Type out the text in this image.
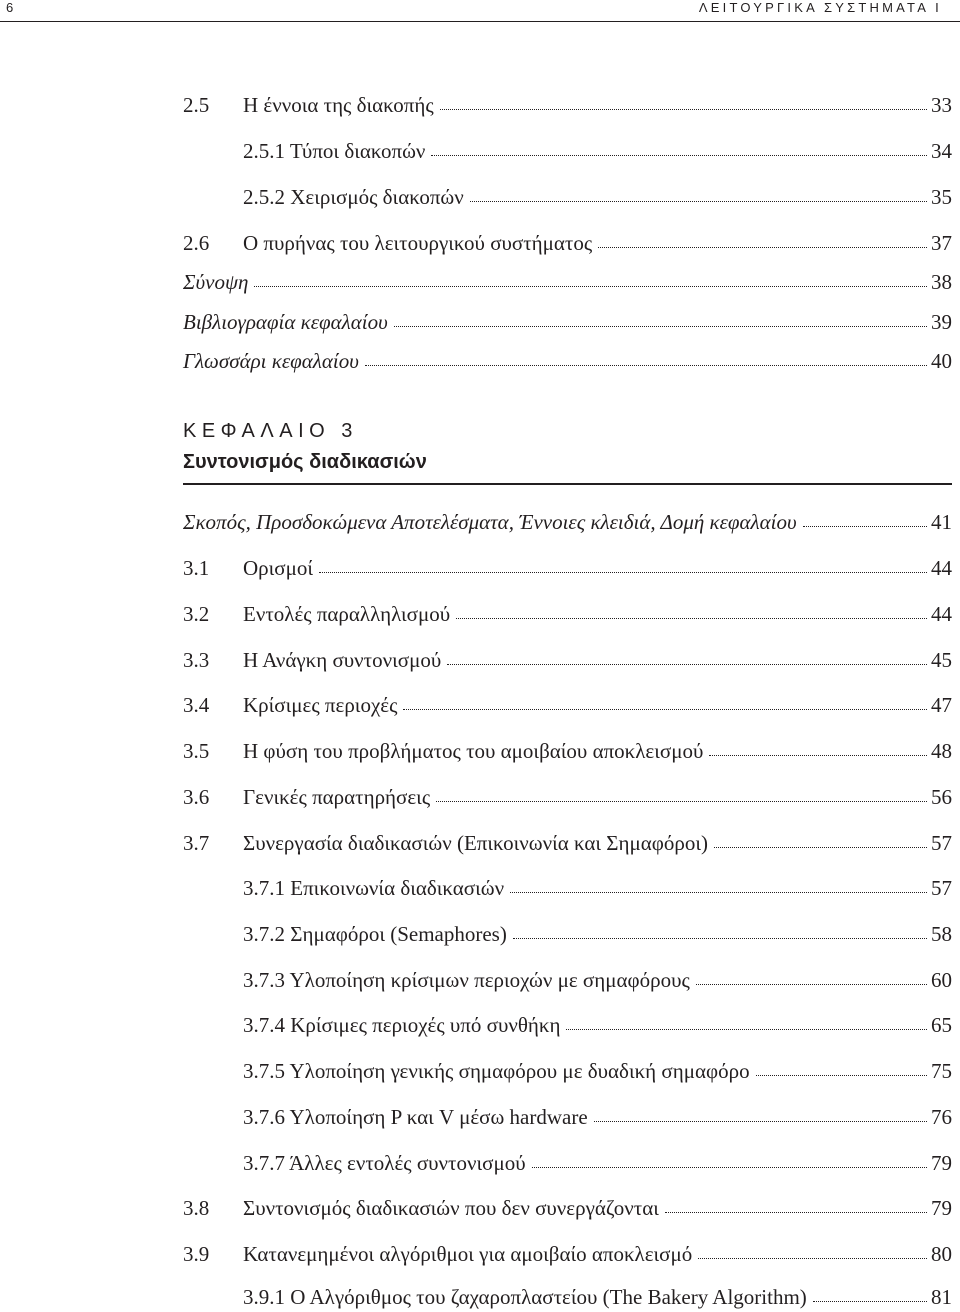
6	ΛΕΙΤΟΥΡΓΙΚΑ ΣΥΣΤΗΜΑΤΑ Ι
2.5 Η έννοια της διακοπής	33
2.5.1 Τύποι διακοπών	34
2.5.2 Χειρισμός διακοπών	35
2.6 Ο πυρήνας του λειτουργικού συστήματος	37
Σύνοψη	38
Βιβλιογραφία κεφαλαίου	39
Γλωσσάρι κεφαλαίου	40
ΚΕΦΑΛΑΙΟ 3
Συντονισμός διαδικασιών
Σκοπός, Προσδοκώμενα Αποτελέσματα, Έννοιες κλειδιά, Δομή κεφαλαίου	41
3.1 Ορισμοί	44
3.2 Εντολές παραλληλισμού	44
3.3 Η Ανάγκη συντονισμού	45
3.4 Κρίσιμες περιοχές	47
3.5 Η φύση του προβλήματος του αμοιβαίου αποκλεισμού	48
3.6 Γενικές παρατηρήσεις	56
3.7 Συνεργασία διαδικασιών (Επικοινωνία και Σημαφόροι)	57
3.7.1 Επικοινωνία διαδικασιών	57
3.7.2 Σημαφόροι (Semaphores)	58
3.7.3 Υλοποίηση κρίσιμων περιοχών με σημαφόρους	60
3.7.4 Κρίσιμες περιοχές υπό συνθήκη	65
3.7.5 Υλοποίηση γενικής σημαφόρου με δυαδική σημαφόρο	75
3.7.6 Υλοποίηση P και V μέσω hardware	76
3.7.7 Άλλες εντολές συντονισμού	79
3.8 Συντονισμός διαδικασιών που δεν συνεργάζονται	79
3.9 Κατανεμημένοι αλγόριθμοι για αμοιβαίο αποκλεισμό	80
3.9.1 Ο Αλγόριθμος του ζαχαροπλαστείου (The Bakery Algorithm)	81
